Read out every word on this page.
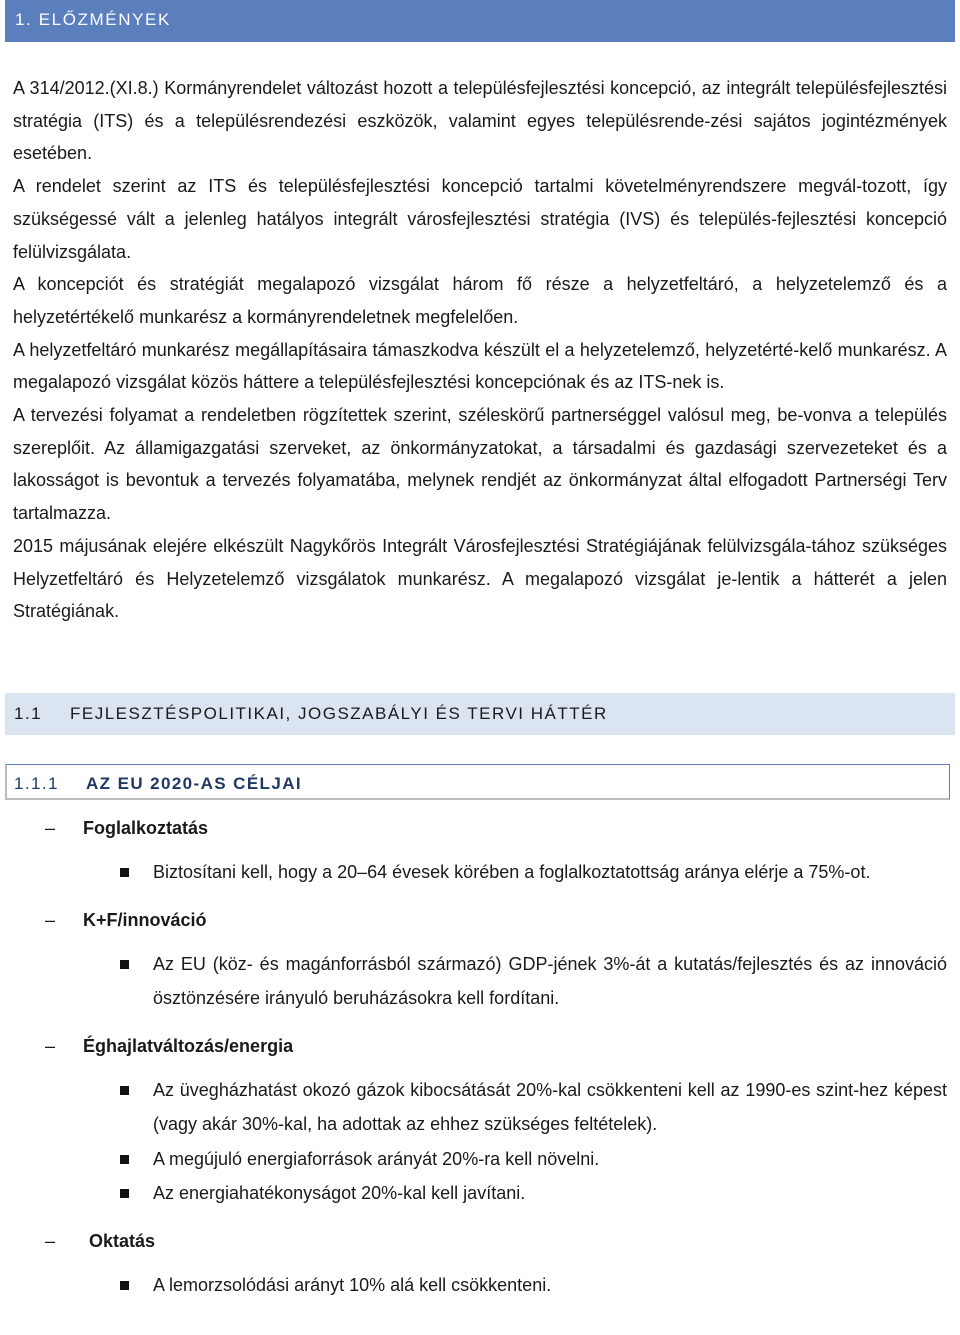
1. ELŐZMÉNYEK

A 314/2012.(XI.8.) Kormányrendelet változást hozott a településfejlesztési koncepció, az integrált településfejlesztési stratégia (ITS) és a településrendezési eszközök, valamint egyes településrende-zési sajátos jogintézmények esetében.

A rendelet szerint az ITS és településfejlesztési koncepció tartalmi követelményrendszere megvál-tozott, így szükségessé vált a jelenleg hatályos integrált városfejlesztési stratégia (IVS) és település-fejlesztési koncepció felülvizsgálata.

A koncepciót és stratégiát megalapozó vizsgálat három fő része a helyzetfeltáró, a helyzetelemző és a helyzetértékelő munkarész a kormányrendeletnek megfelelően.

A helyzetfeltáró munkarész megállapításaira támaszkodva készült el a helyzetelemző, helyzetérté-kelő munkarész. A megalapozó vizsgálat közös háttere a településfejlesztési koncepciónak és az ITS-nek is.

A tervezési folyamat a rendeletben rögzítettek szerint, széleskörű partnerséggel valósul meg, be-vonva a település szereplőit. Az államigazgatási szerveket, az önkormányzatokat, a társadalmi és gazdasági szervezeteket és a lakosságot is bevontuk a tervezés folyamatába, melynek rendjét az önkormányzat által elfogadott Partnerségi Terv tartalmazza.

2015 májusának elejére elkészült Nagykőrös Integrált Városfejlesztési Stratégiájának felülvizsgála-tához szükséges Helyzetfeltáró és Helyzetelemző vizsgálatok munkarész. A megalapozó vizsgálat je-lentik a hátterét a jelen Stratégiának.

1.1 FEJLESZTÉSPOLITIKAI, JOGSZABÁLYI ÉS TERVI HÁTTÉR
1.1.1 AZ EU 2020-AS CÉLJAI
– Foglalkoztatás
Biztosítani kell, hogy a 20–64 évesek körében a foglalkoztatottság aránya elérje a 75%-ot.
– K+F/innováció
Az EU (köz- és magánforrásból származó) GDP-jének 3%-át a kutatás/fejlesztés és az innováció ösztönzésére irányuló beruházásokra kell fordítani.
– Éghajlatváltozás/energia
Az üvegházhatást okozó gázok kibocsátását 20%-kal csökkenteni kell az 1990-es szint-hez képest (vagy akár 30%-kal, ha adottak az ehhez szükséges feltételek).
A megújuló energiaforrások arányát 20%-ra kell növelni.
Az energiahatékonyságot 20%-kal kell javítani.
– Oktatás
A lemorzsolódási arányt 10% alá kell csökkenteni.
